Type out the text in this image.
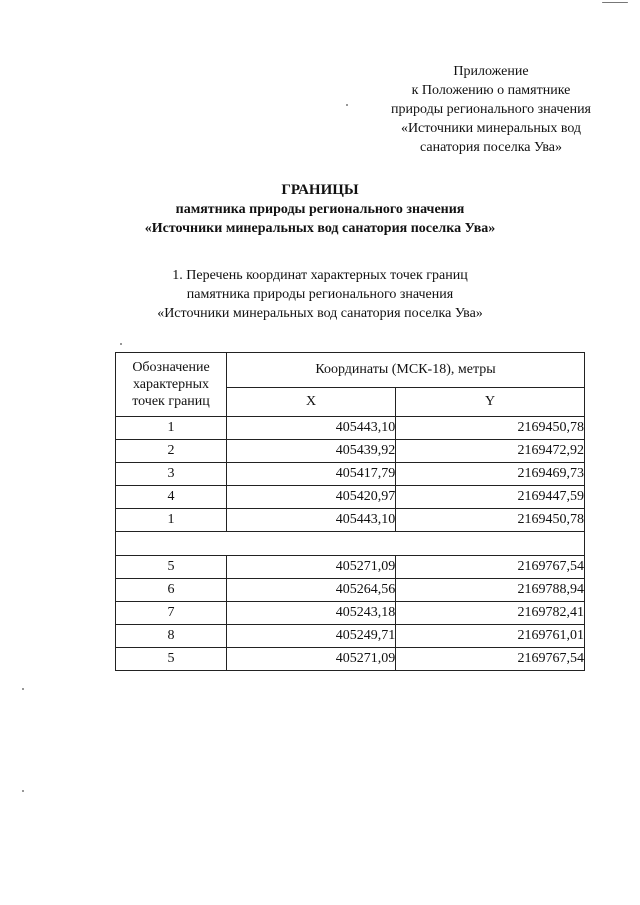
Приложение
к Положению о памятнике
природы регионального значения
«Источники минеральных вод
санатория поселка Ува»
ГРАНИЦЫ
памятника природы регионального значения
«Источники минеральных вод санатория поселка Ува»
1. Перечень координат характерных точек границ
памятника природы регионального значения
«Источники минеральных вод санатория поселка Ува»
Обозначение характерных точек границ	Координаты (МСК-18), метры	
	X	Y
1	405443,10	2169450,78
2	405439,92	2169472,92
3	405417,79	2169469,73
4	405420,97	2169447,59
1	405443,10	2169450,78

5	405271,09	2169767,54
6	405264,56	2169788,94
7	405243,18	2169782,41
8	405249,71	2169761,01
5	405271,09	2169767,54
